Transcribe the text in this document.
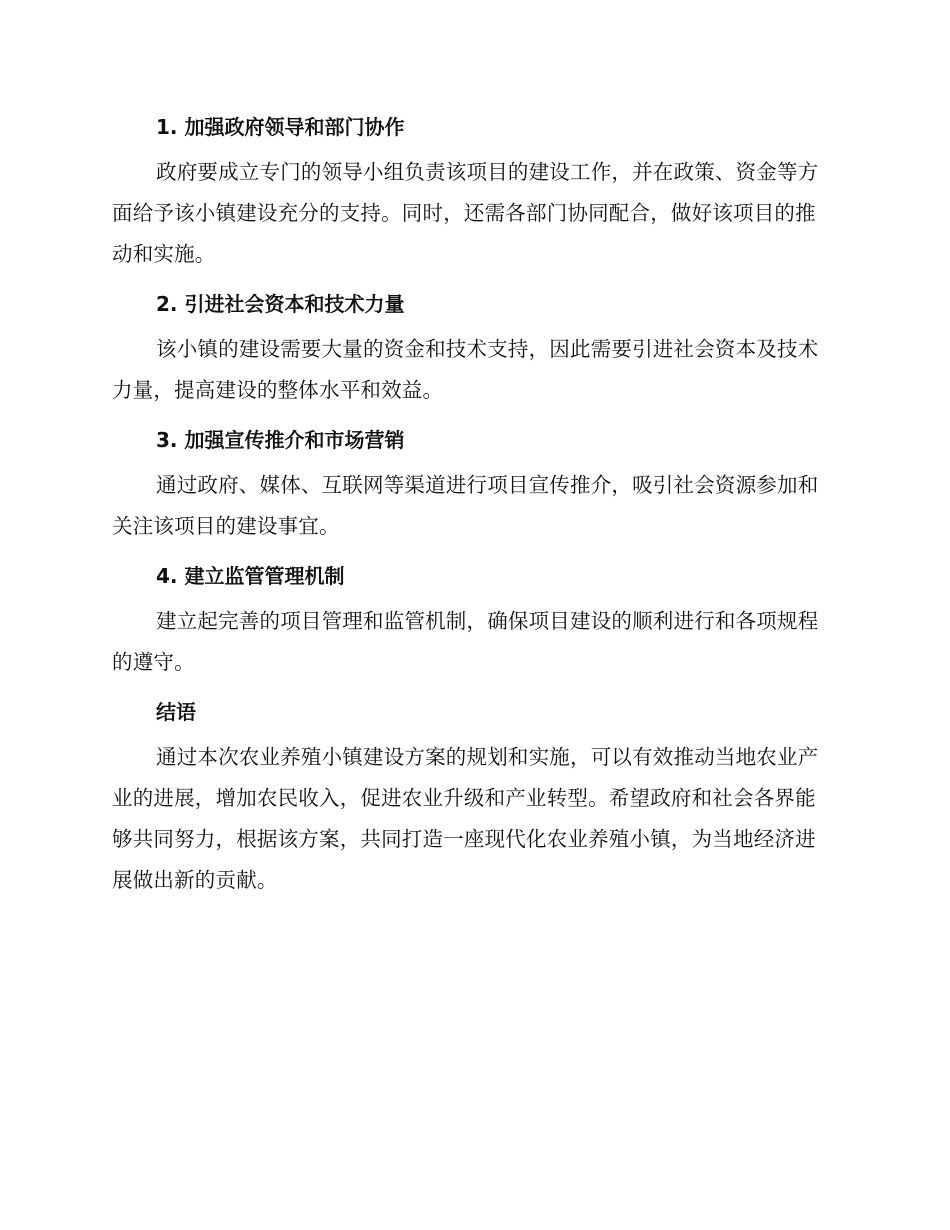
1. 加强政府领导和部门协作

政府要成立专门的领导小组负责该项目的建设工作，并在政策、资金等方面给予该小镇建设充分的支持。同时，还需各部门协同配合，做好该项目的推动和实施。

2. 引进社会资本和技术力量

该小镇的建设需要大量的资金和技术支持，因此需要引进社会资本及技术力量，提高建设的整体水平和效益。

3. 加强宣传推介和市场营销

通过政府、媒体、互联网等渠道进行项目宣传推介，吸引社会资源参加和关注该项目的建设事宜。

4. 建立监管管理机制

建立起完善的项目管理和监管机制，确保项目建设的顺利进行和各项规程的遵守。

结语

通过本次农业养殖小镇建设方案的规划和实施，可以有效推动当地农业产业的进展，增加农民收入，促进农业升级和产业转型。希望政府和社会各界能够共同努力，根据该方案，共同打造一座现代化农业养殖小镇，为当地经济进展做出新的贡献。
